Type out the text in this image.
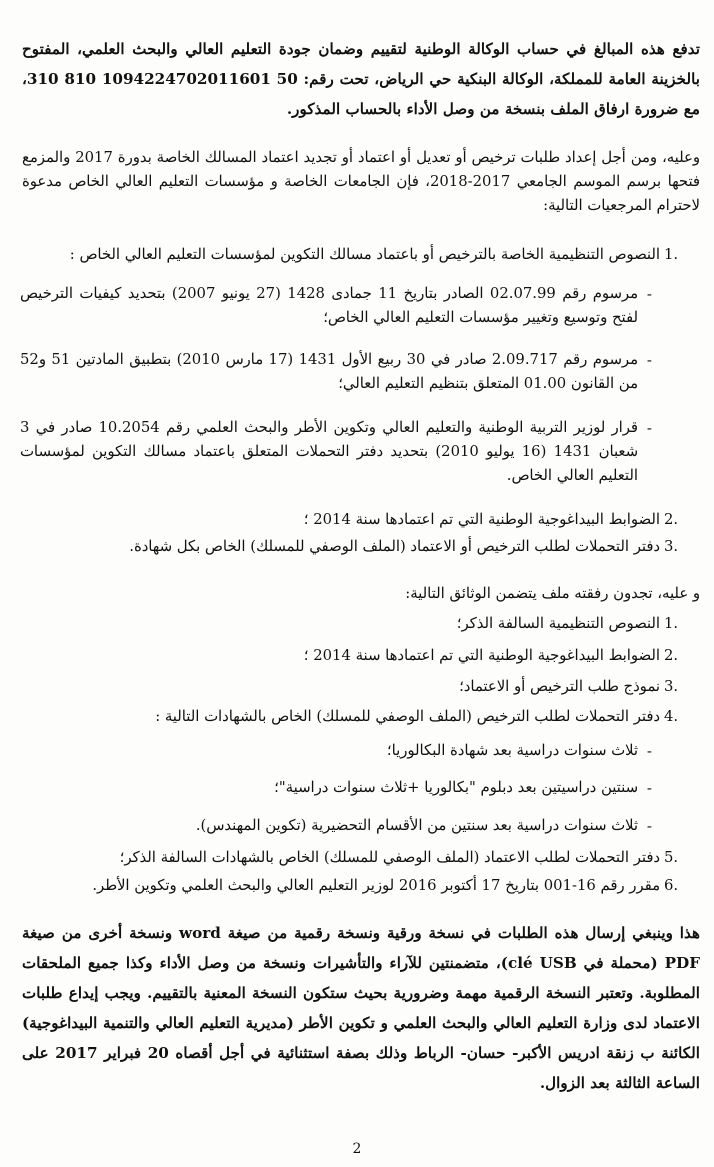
تدفع هذه المبالغ في حساب الوكالة الوطنية لتقييم وضمان جودة التعليم العالي والبحث العلمي، المفتوح بالخزينة العامة للمملكة، الوكالة البنكية حي الرياض، تحت رقم: 50 1094224702011601 810 310، مع ضرورة ارفاق الملف بنسخة من وصل الأداء بالحساب المذكور.
وعليه، ومن أجل إعداد طلبات ترخيص أو تعديل أو اعتماد أو تجديد اعتماد المسالك الخاصة بدورة 2017 والمزمع فتحها برسم الموسم الجامعي 2017-2018، فإن الجامعات الخاصة و مؤسسات التعليم العالي الخاص مدعوة لاحترام المرجعيات التالية:
1.
النصوص التنظيمية الخاصة بالترخيص أو باعتماد مسالك التكوين لمؤسسات التعليم العالي الخاص :
-
مرسوم رقم 02.07.99 الصادر بتاريخ 11 جمادى 1428 (27 يونيو 2007) بتحديد كيفيات الترخيص لفتح وتوسيع وتغيير مؤسسات التعليم العالي الخاص؛
-
مرسوم رقم 2.09.717 صادر في 30 ربيع الأول 1431 (17 مارس 2010) بتطبيق المادتين 51 و52 من القانون 01.00 المتعلق بتنظيم التعليم العالي؛
-
قرار لوزير التربية الوطنية والتعليم العالي وتكوين الأطر والبحث العلمي رقم 10.2054 صادر في 3 شعبان 1431 (16 يوليو 2010) بتحديد دفتر التحملات المتعلق باعتماد مسالك التكوين لمؤسسات التعليم العالي الخاص.
2.
الضوابط البيداغوجية الوطنية التي تم اعتمادها سنة 2014 ؛
3.
دفتر التحملات لطلب الترخيص أو الاعتماد (الملف الوصفي للمسلك) الخاص بكل شهادة.
و عليه، تجدون رفقته ملف يتضمن الوثائق التالية:
1.
النصوص التنظيمية السالفة الذكر؛
2.
الضوابط البيداغوجية الوطنية التي تم اعتمادها سنة 2014 ؛
3.
نموذج طلب الترخيص أو الاعتماد؛
4.
دفتر التحملات لطلب الترخيص (الملف الوصفي للمسلك) الخاص بالشهادات التالية :
-
ثلاث سنوات دراسية بعد شهادة البكالوريا؛
-
سنتين دراسيتين بعد دبلوم "بكالوريا +ثلاث سنوات دراسية"؛
-
ثلاث سنوات دراسية بعد سنتين من الأقسام التحضيرية (تكوين المهندس).
5.
دفتر التحملات لطلب الاعتماد (الملف الوصفي للمسلك) الخاص بالشهادات السالفة الذكر؛
6.
مقرر رقم 16-001 بتاريخ 17 أكتوبر 2016 لوزير التعليم العالي والبحث العلمي وتكوين الأطر.
هذا وينبغي إرسال هذه الطلبات في نسخة ورقية ونسخة رقمية من صيغة word ونسخة أخرى من صيغة PDF (محملة في clé USB)، متضمنتين للآراء والتأشيرات ونسخة من وصل الأداء وكذا جميع الملحقات المطلوبة. وتعتبر النسخة الرقمية مهمة وضرورية بحيث ستكون النسخة المعنية بالتقييم. ويجب إيداع طلبات الاعتماد لدى وزارة التعليم العالي والبحث العلمي و تكوين الأطر (مديرية التعليم العالي والتنمية البيداغوجية) الكائنة ب زنقة ادريس الأكبر- حسان- الرباط وذلك بصفة استثنائية في أجل أقصاه 20 فبراير 2017 على الساعة الثالثة بعد الزوال.
2
